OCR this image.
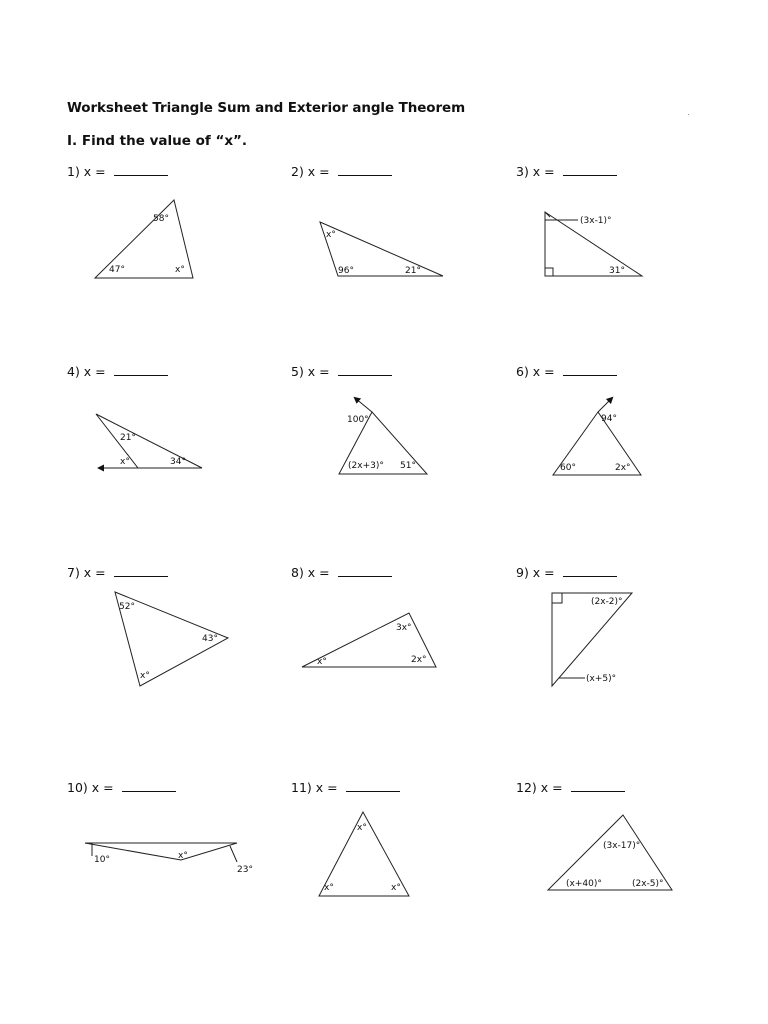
Worksheet Triangle Sum and Exterior angle Theorem
I. Find the value of “x”.
1) x =	2) x =	3) x =
4) x =	5) x =	6) x =
7) x =	8) x =	9) x =
10) x =	11) x =	12) x =
58°
47°	x°
x°
96°	21°
(3x-1)°
31°
21°
x°	34°
100°
(2x+3)° 51°
94°
60°	2x°
52°
43°
x°
3x°
x°	2x°
(2x-2)°
(x+5)°
10°	x°
23°
x°
x°	x°
(3x-17)°
(x+40)°	(2x-5)°
